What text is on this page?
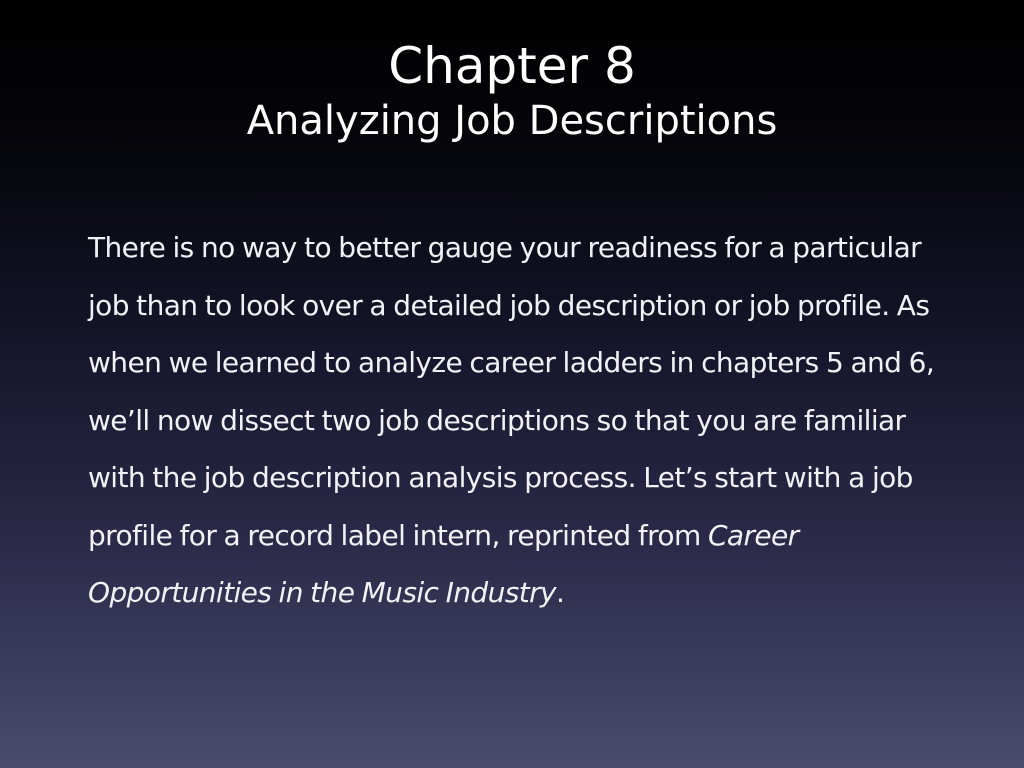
Chapter 8
Analyzing Job Descriptions

There is no way to better gauge your readiness for a particular job than to look over a detailed job description or job profile. As when we learned to analyze career ladders in chapters 5 and 6, we’ll now dissect two job descriptions so that you are familiar with the job description analysis process. Let’s start with a job profile for a record label intern, reprinted from Career Opportunities in the Music Industry.
